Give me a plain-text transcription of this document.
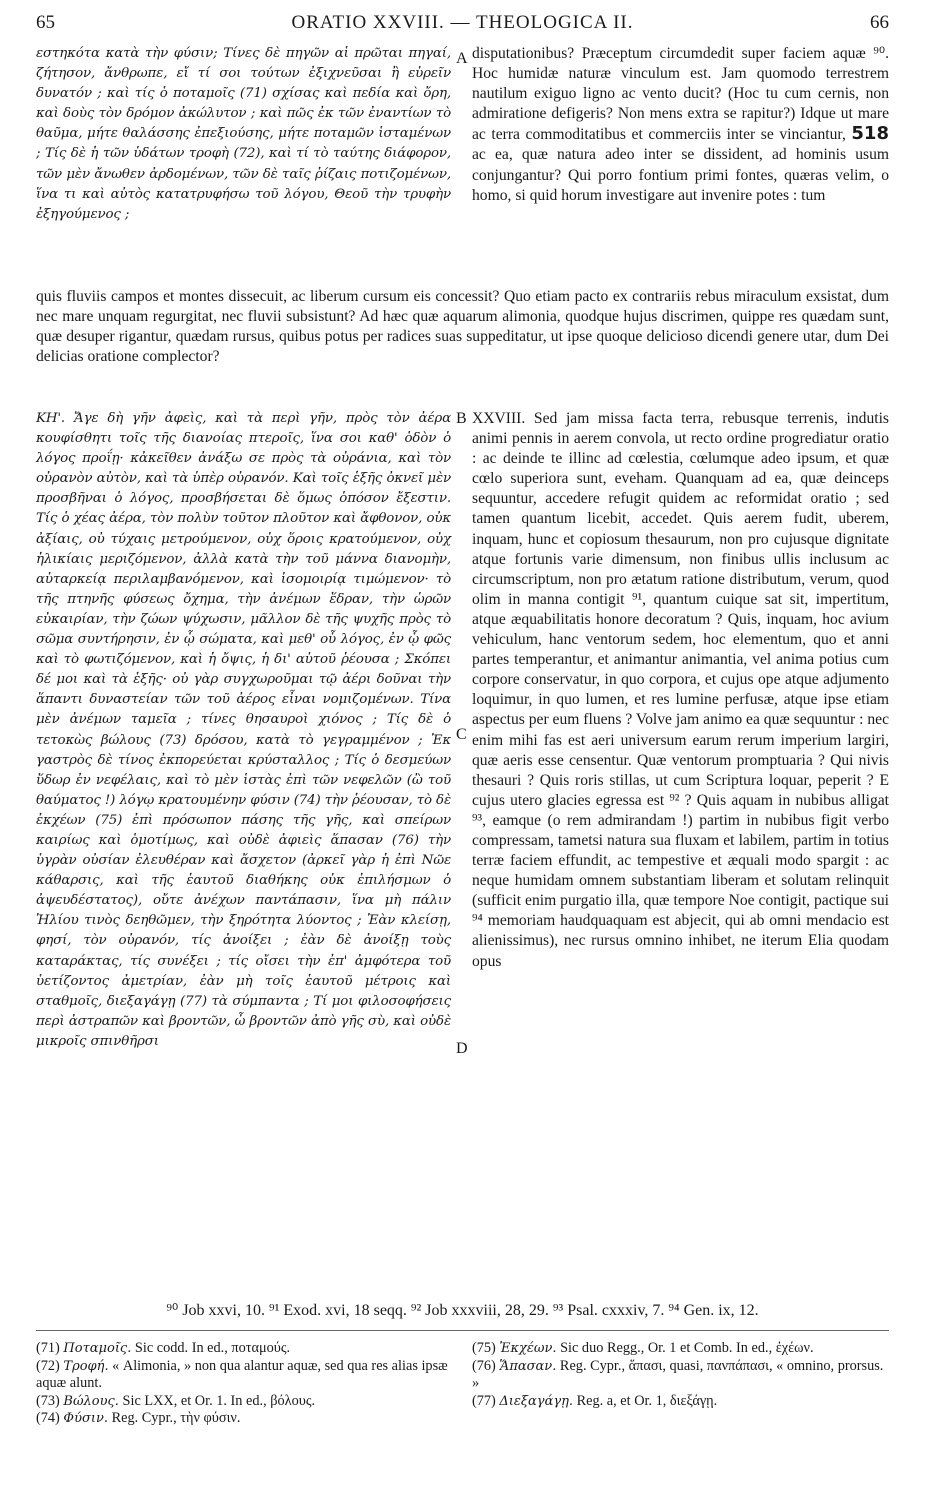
ORATIO XXVIII. — THEOLOGICA II.
65	66

εστηκότα κατὰ τὴν φύσιν; Τίνες δὲ πηγῶν αἱ πρῶται πηγαί, ζήτησον, ἄνθρωπε, εἴ τί σοι τούτων ἐξιχνεῦσαι ἢ εὑρεῖν δυνατόν ; καὶ τίς ὁ ποταμοῖς (71) σχίσας καὶ πεδία καὶ ὄρη, καὶ δοὺς τὸν δρόμον ἀκώλυτον ; καὶ πῶς ἐκ τῶν ἐναντίων τὸ θαῦμα, μήτε θαλάσσης ἐπεξιούσης, μήτε ποταμῶν ἱσταμένων ; Τίς δὲ ἡ τῶν ὑδάτων τροφὴ (72), καὶ τί τὸ ταύτης διάφορον, τῶν μὲν ἄνωθεν ἀρδομένων, τῶν δὲ ταῖς ῥίζαις ποτιζομένων, ἵνα τι καὶ αὐτὸς κατατρυφήσω τοῦ λόγου, Θεοῦ τὴν τρυφὴν ἐξηγούμενος ;

A disputationibus? Præceptum circumdedit super faciem aquæ ⁹⁰. Hoc humidæ naturæ vinculum est. Jam quomodo terrestrem nautilum exiguo ligno ac vento ducit? (Hoc tu cum cernis, non admiratione defigeris? Non mens extra se rapitur?) Idque ut mare ac terra commoditatibus et commerciis inter se vinciantur, 518 ac ea, quæ natura adeo inter se dissident, ad hominis usum conjungantur? Qui porro fontium primi fontes, quæras velim, o homo, si quid horum investigare aut invenire potes : tum

quis fluviis campos et montes dissecuit, ac liberum cursum eis concessit? Quo etiam pacto ex contrariis rebus miraculum exsistat, dum nec mare unquam regurgitat, nec fluvii subsistunt? Ad hæc quæ aquarum alimonia, quodque hujus discrimen, quippe res quædam sunt, quæ desuper rigantur, quædam rursus, quibus potus per radices suas suppeditatur, ut ipse quoque delicioso dicendi genere utar, dum Dei delicias oratione complector?

ΚΗ'. Ἄγε δὴ γῆν ἀφεὶς, καὶ τὰ περὶ γῆν, πρὸς τὸν ἀέρα κουφίσθητι τοῖς τῆς διανοίας πτεροῖς, ἵνα σοι καθ' ὁδὸν ὁ λόγος προΐῃ· κἀκεῖθεν ἀνάξω σε πρὸς τὰ οὐράνια, καὶ τὸν οὐρανὸν αὐτὸν, καὶ τὰ ὑπὲρ οὐρανόν. Καὶ τοῖς ἑξῆς ὀκνεῖ μὲν προσβῆναι ὁ λόγος, προσβήσεται δὲ ὅμως ὁπόσον ἔξεστιν. Τίς ὁ χέας ἀέρα, τὸν πολὺν τοῦτον πλοῦτον καὶ ἄφθονον, οὐκ ἀξίαις, οὐ τύχαις μετρούμενον, οὐχ ὅροις κρατούμενον, οὐχ ἡλικίαις μεριζόμενον, ἀλλὰ κατὰ τὴν τοῦ μάννα διανομὴν, αὐταρκείᾳ περιλαμβανόμενον, καὶ ἰσομοιρίᾳ τιμώμενον· τὸ τῆς πτηνῆς φύσεως ὄχημα, τὴν ἀνέμων ἕδραν, τὴν ὡρῶν εὐκαιρίαν, τὴν ζώων ψύχωσιν, μᾶλλον δὲ τῆς ψυχῆς πρὸς τὸ σῶμα συντήρησιν, ἐν ᾧ σώματα, καὶ μεθ' οὗ λόγος, ἐν ᾧ φῶς καὶ τὸ φωτιζόμενον, καὶ ἡ ὄψις, ἡ δι' αὐτοῦ ῥέουσα ; Σκόπει δέ μοι καὶ τὰ ἑξῆς· οὐ γὰρ συγχωροῦμαι τῷ ἀέρι δοῦναι τὴν ἅπαντι δυναστείαν τῶν τοῦ ἀέρος εἶναι νομιζομένων. Τίνα μὲν ἀνέμων ταμεῖα ; τίνες θησαυροὶ χιόνος ; Τίς δὲ ὁ τετοκὼς βώλους (73) δρόσου, κατὰ τὸ γεγραμμένον ; Ἐκ γαστρὸς δὲ τίνος ἐκπορεύεται κρύσταλλος ; Τίς ὁ δεσμεύων ὕδωρ ἐν νεφέλαις, καὶ τὸ μὲν ἱστὰς ἐπὶ τῶν νεφελῶν (ὢ τοῦ θαύματος !) λόγῳ κρατουμένην φύσιν (74) τὴν ῥέουσαν, τὸ δὲ ἐκχέων (75) ἐπὶ πρόσωπον πάσης τῆς γῆς, καὶ σπείρων καιρίως καὶ ὁμοτίμως, καὶ οὐδὲ ἀφιεὶς ἅπασαν (76) τὴν ὑγρὰν οὐσίαν ἐλευθέραν καὶ ἄσχετον (ἀρκεῖ γὰρ ἡ ἐπὶ Νῶε κάθαρσις, καὶ τῆς ἑαυτοῦ διαθήκης οὐκ ἐπιλήσμων ὁ ἀψευδέστατος), οὔτε ἀνέχων παντάπασιν, ἵνα μὴ πάλιν Ἠλίου τινὸς δεηθῶμεν, τὴν ξηρότητα λύοντος ; Ἐὰν κλείσῃ, φησί, τὸν οὐρανόν, τίς ἀνοίξει ; ἐὰν δὲ ἀνοίξῃ τοὺς καταράκτας, τίς συνέξει ; τίς οἴσει τὴν ἐπ' ἀμφότερα τοῦ ὑετίζοντος ἀμετρίαν, ἐὰν μὴ τοῖς ἑαυτοῦ μέτροις καὶ σταθμοῖς, διεξαγάγῃ (77) τὰ σύμπαντα ; Τί μοι φιλοσοφήσεις περὶ ἀστραπῶν καὶ βροντῶν, ὦ βροντῶν ἀπὸ γῆς σὺ, καὶ οὐδὲ μικροῖς σπινθῆρσι

B
C
D

XXVIII. Sed jam missa facta terra, rebusque terrenis, indutis animi pennis in aerem convola, ut recto ordine progrediatur oratio : ac deinde te illinc ad cœlestia, cœlumque adeo ipsum, et quæ cœlo superiora sunt, eveham. Quanquam ad ea, quæ deinceps sequuntur, accedere refugit quidem ac reformidat oratio ; sed tamen quantum licebit, accedet. Quis aerem fudit, uberem, inquam, hunc et copiosum thesaurum, non pro cujusque dignitate atque fortunis varie dimensum, non finibus ullis inclusum ac circumscriptum, non pro ætatum ratione distributum, verum, quod olim in manna contigit ⁹¹, quantum cuique sat sit, impertitum, atque æquabilitatis honore decoratum ? Quis, inquam, hoc avium vehiculum, hanc ventorum sedem, hoc elementum, quo et anni partes temperantur, et animantur animantia, vel anima potius cum corpore conservatur, in quo corpora, et cujus ope atque adjumento loquimur, in quo lumen, et res lumine perfusæ, atque ipse etiam aspectus per eum fluens ? Volve jam animo ea quæ sequuntur : nec enim mihi fas est aeri universum earum rerum imperium largiri, quæ aeris esse censentur. Quæ ventorum promptuaria ? Qui nivis thesauri ? Quis roris stillas, ut cum Scriptura loquar, peperit ? E cujus utero glacies egressa est ⁹² ? Quis aquam in nubibus alligat ⁹³, eamque (o rem admirandam !) partim in nubibus figit verbo compressam, tametsi natura sua fluxam et labilem, partim in totius terræ faciem effundit, ac tempestive et æquali modo spargit : ac neque humidam omnem substantiam liberam et solutam relinquit (sufficit enim purgatio illa, quæ tempore Noe contigit, pactique sui ⁹⁴ memoriam haudquaquam est abjecit, qui ab omni mendacio est alienissimus), nec rursus omnino inhibet, ne iterum Elia quodam opus

⁹⁰ Job xxvi, 10. ⁹¹ Exod. xvi, 18 seqq. ⁹² Job xxxviii, 28, 29. ⁹³ Psal. cxxxiv, 7. ⁹⁴ Gen. ix, 12.

(71) Ποταμοῖς. Sic codd. In ed., ποταμούς.

(72) Τροφή. « Alimonia, » non qua alantur aquæ, sed qua res alias ipsæ aquæ alunt.

(73) Βώλους. Sic LXX, et Or. 1. In ed., βόλους.

(74) Φύσιν. Reg. Cypr., τὴν φύσιν.

(75) Ἐκχέων. Sic duo Regg., Or. 1 et Comb. In ed., ἐχέων.

(76) Ἅπασαν. Reg. Cypr., ἅπασι, quasi, πανπάπασι, « omnino, prorsus. »

(77) Διεξαγάγῃ. Reg. a, et Or. 1, διεξάγῃ.
